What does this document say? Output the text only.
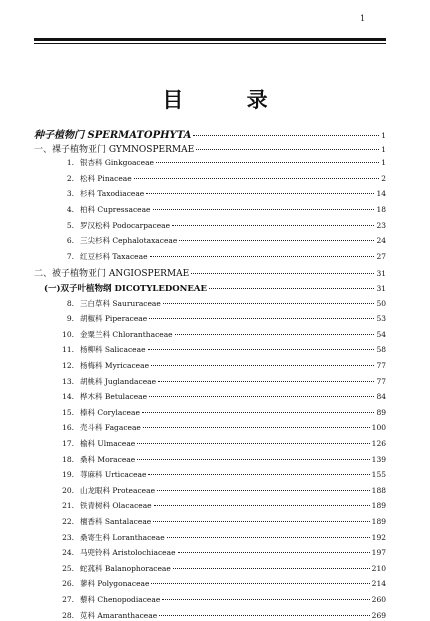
1
目 录
种子植物门 SPERMATOPHYTA	1
一、裸子植物亚门 GYMNOSPERMAE	1
1. 银杏科 Ginkgoaceae	1
2. 松科 Pinaceae	2
3. 杉科 Taxodiaceae	14
4. 柏科 Cupressaceae	18
5. 罗汉松科 Podocarpaceae	23
6. 三尖杉科 Cephalotaxaceae	24
7. 红豆杉科 Taxaceae	27
二、被子植物亚门 ANGIOSPERMAE	31
(一)双子叶植物纲 DICOTYLEDONEAE	31
8. 三白草科 Saururaceae	50
9. 胡椒科 Piperaceae	53
10. 金粟兰科 Chloranthaceae	54
11. 杨柳科 Salicaceae	58
12. 杨梅科 Myricaceae	77
13. 胡桃科 Juglandaceae	77
14. 桦木科 Betulaceae	84
15. 榛科 Corylaceae	89
16. 壳斗科 Fagaceae	100
17. 榆科 Ulmaceae	126
18. 桑科 Moraceae	139
19. 荨麻科 Urticaceae	155
20. 山龙眼科 Proteaceae	188
21. 铁青树科 Olacaceae	189
22. 檀香科 Santalaceae	189
23. 桑寄生科 Loranthaceae	192
24. 马兜铃科 Aristolochiaceae	197
25. 蛇菰科 Balanophoraceae	210
26. 蓼科 Polygonaceae	214
27. 藜科 Chenopodiaceae	260
28. 苋科 Amaranthaceae	269
